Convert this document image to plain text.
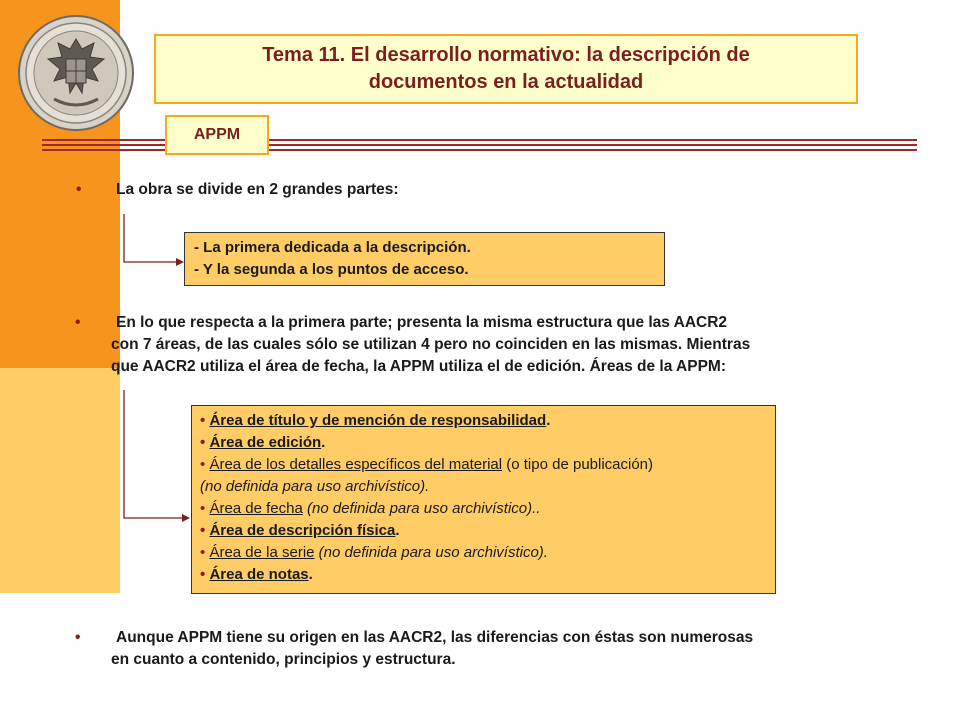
Tema 11. El desarrollo normativo: la descripción de
documentos en la actualidad
APPM
• La obra se divide en 2 grandes partes:
- La primera dedicada a la descripción.
- Y la segunda a los puntos de acceso.
•	En lo que respecta a la primera parte; presenta la misma estructura que las AACR2
con 7 áreas, de las cuales sólo se utilizan 4 pero no coinciden en las mismas. Mientras
que AACR2 utiliza el área de fecha, la APPM utiliza el de edición. Áreas de la APPM:
• Área de título y de mención de responsabilidad.
• Área de edición.
• Área de los detalles específicos del material (o tipo de publicación)
(no definida para uso archivístico).
• Área de fecha (no definida para uso archivístico)..
• Área de descripción física.
• Área de la serie (no definida para uso archivístico).
• Área de notas.
•	Aunque APPM tiene su origen en las AACR2, las diferencias con éstas son numerosas
en cuanto a contenido, principios y estructura.
